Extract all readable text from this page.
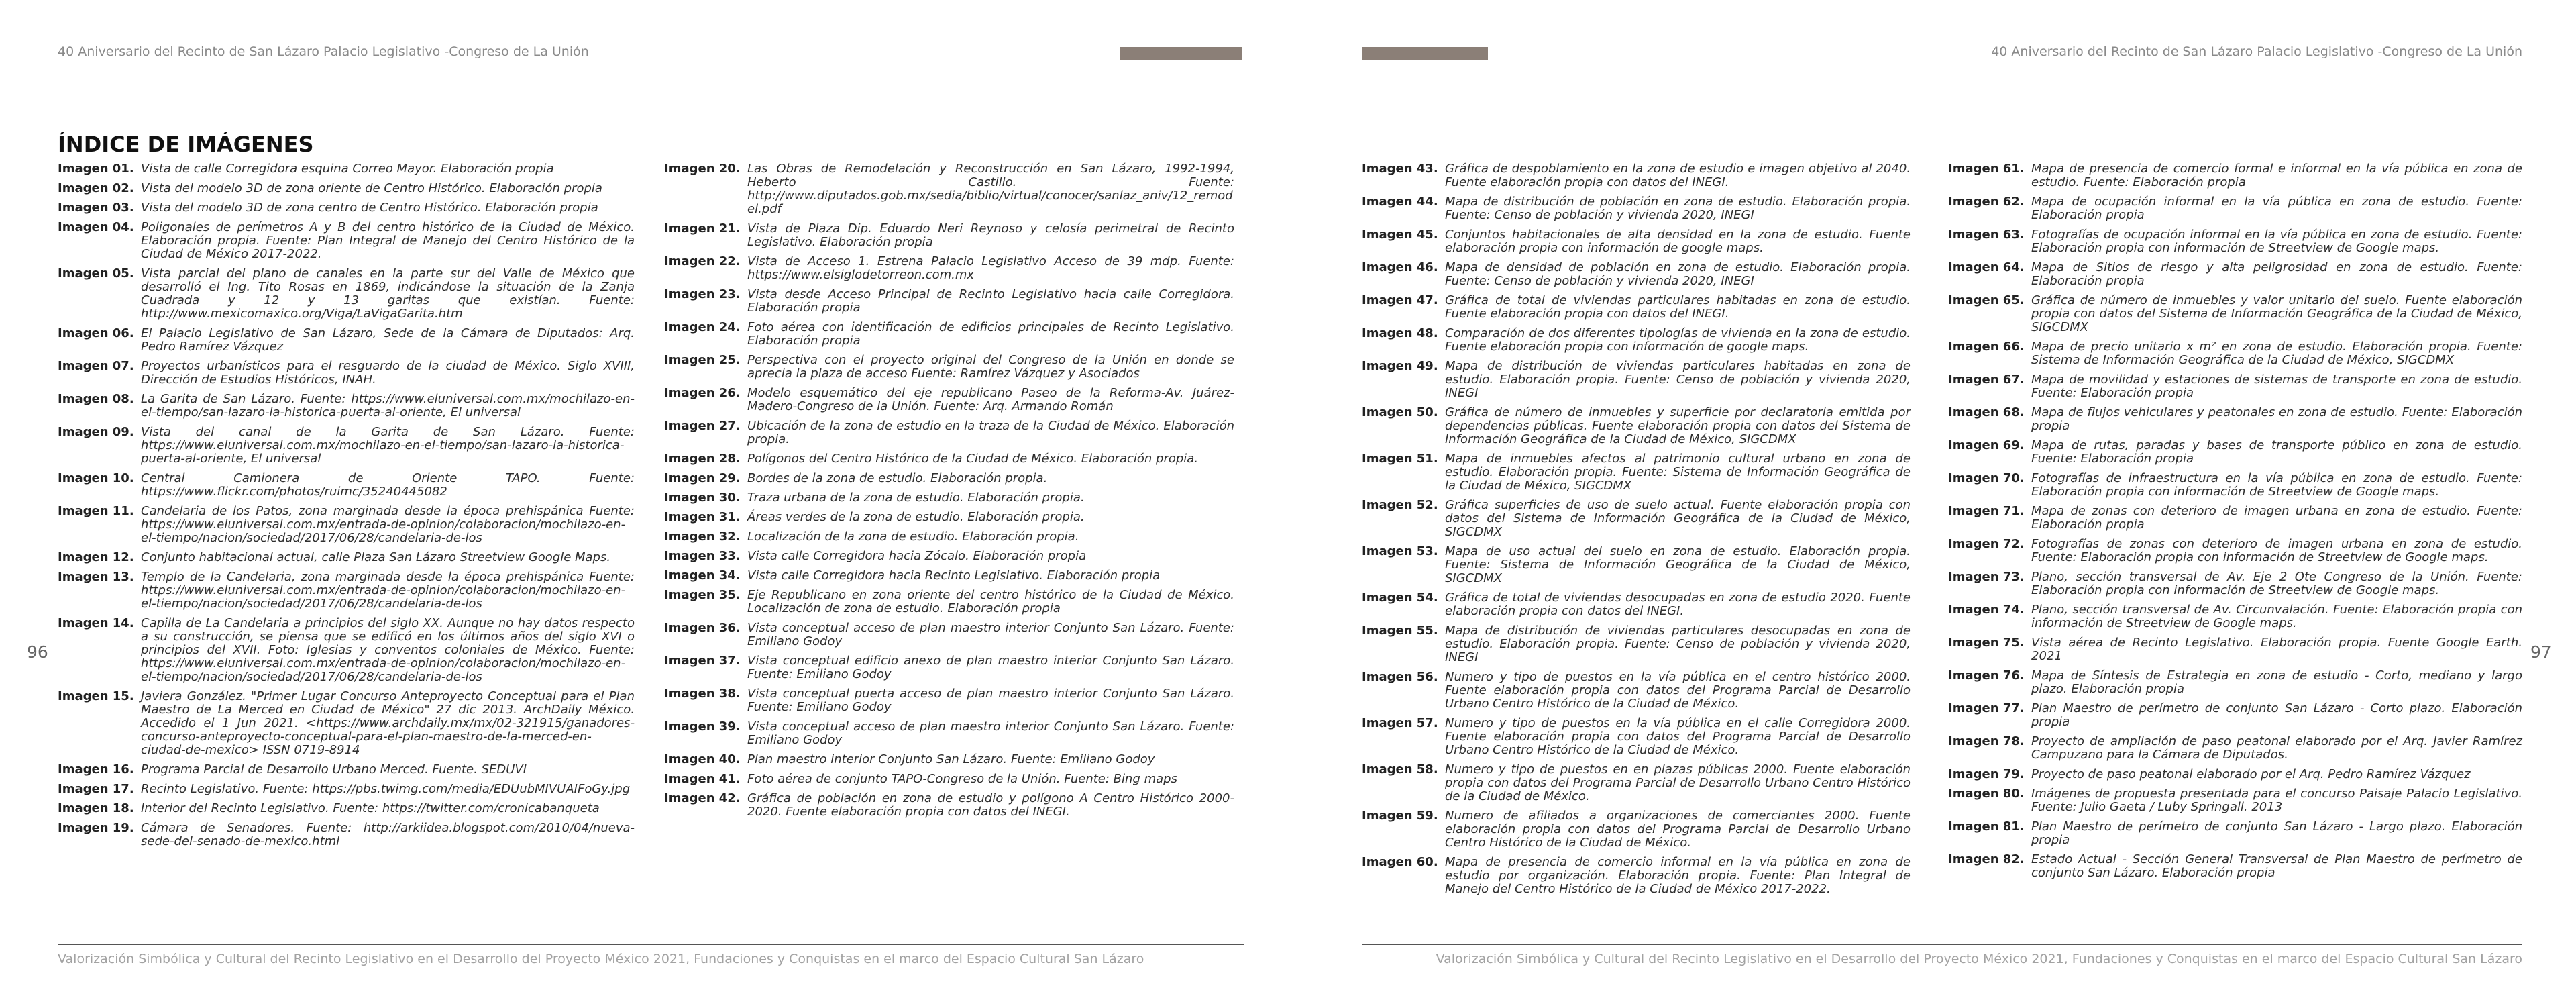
40 Aniversario del Recinto de San Lázaro Palacio Legislativo -Congreso de La Unión
ÍNDICE DE IMÁGENES
Imagen 01. Vista de calle Corregidora esquina Correo Mayor. Elaboración propia
Imagen 02. Vista del modelo 3D de zona oriente de Centro Histórico. Elaboración propia
Imagen 03. Vista del modelo 3D de zona centro de Centro Histórico. Elaboración propia
Imagen 04. Poligonales de perímetros A y B del centro histórico de la Ciudad de México. Elaboración propia. Fuente: Plan Integral de Manejo del Centro Histórico de la Ciudad de México 2017-2022.
Imagen 05. Vista parcial del plano de canales en la parte sur del Valle de México que desarrolló el Ing. Tito Rosas en 1869, indicándose la situación de la Zanja Cuadrada y 12 y 13 garitas que existían. Fuente: http://www.mexicomaxico.org/Viga/LaVigaGarita.htm
Imagen 06. El Palacio Legislativo de San Lázaro, Sede de la Cámara de Diputados: Arq. Pedro Ramírez Vázquez
Imagen 07. Proyectos urbanísticos para el resguardo de la ciudad de México. Siglo XVIII, Dirección de Estudios Históricos, INAH.
Imagen 08. La Garita de San Lázaro. Fuente: https://www.eluniversal.com.mx/mochilazo-en-el-tiempo/san-lazaro-la-historica-puerta-al-oriente, El universal
Imagen 09. Vista del canal de la Garita de San Lázaro. Fuente: https://www.eluniversal.com.mx/mochilazo-en-el-tiempo/san-lazaro-la-historica-puerta-al-oriente, El universal
Imagen 10. Central Camionera de Oriente TAPO. Fuente: https://www.flickr.com/photos/ruimc/35240445082
Imagen 11. Candelaria de los Patos, zona marginada desde la época prehispánica Fuente: https://www.eluniversal.com.mx/entrada-de-opinion/colaboracion/mochilazo-en-el-tiempo/nacion/sociedad/2017/06/28/candelaria-de-los
Imagen 12. Conjunto habitacional actual, calle Plaza San Lázaro Streetview Google Maps.
Imagen 13. Templo de la Candelaria, zona marginada desde la época prehispánica Fuente: https://www.eluniversal.com.mx/entrada-de-opinion/colaboracion/mochilazo-en-el-tiempo/nacion/sociedad/2017/06/28/candelaria-de-los
Imagen 14. Capilla de La Candelaria a principios del siglo XX. Aunque no hay datos respecto a su construcción, se piensa que se edificó en los últimos años del siglo XVI o principios del XVII. Foto: Iglesias y conventos coloniales de México. Fuente: https://www.eluniversal.com.mx/entrada-de-opinion/colaboracion/mochilazo-en-el-tiempo/nacion/sociedad/2017/06/28/candelaria-de-los
Imagen 15. Javiera González. "Primer Lugar Concurso Anteproyecto Conceptual para el Plan Maestro de La Merced en Ciudad de México" 27 dic 2013. ArchDaily México. Accedido el 1 Jun 2021. <https://www.archdaily.mx/mx/02-321915/ganadores-concurso-anteproyecto-conceptual-para-el-plan-maestro-de-la-merced-en-ciudad-de-mexico> ISSN 0719-8914
Imagen 16. Programa Parcial de Desarrollo Urbano Merced. Fuente. SEDUVI
Imagen 17. Recinto Legislativo. Fuente: https://pbs.twimg.com/media/EDUubMIVUAIFoGy.jpg
Imagen 18. Interior del Recinto Legislativo. Fuente: https://twitter.com/cronicabanqueta
Imagen 19. Cámara de Senadores. Fuente: http://arkiidea.blogspot.com/2010/04/nueva-sede-del-senado-de-mexico.html
Imagen 20. Las Obras de Remodelación y Reconstrucción en San Lázaro, 1992-1994, Heberto Castillo. Fuente: http://www.diputados.gob.mx/sedia/biblio/virtual/conocer/sanlaz_aniv/12_remodel.pdf
Imagen 21. Vista de Plaza Dip. Eduardo Neri Reynoso y celosía perimetral de Recinto Legislativo. Elaboración propia
Imagen 22. Vista de Acceso 1. Estrena Palacio Legislativo Acceso de 39 mdp. Fuente: https://www.elsiglodetorreon.com.mx
Imagen 23. Vista desde Acceso Principal de Recinto Legislativo hacia calle Corregidora. Elaboración propia
Imagen 24. Foto aérea con identificación de edificios principales de Recinto Legislativo. Elaboración propia
Imagen 25. Perspectiva con el proyecto original del Congreso de la Unión en donde se aprecia la plaza de acceso Fuente: Ramírez Vázquez y Asociados
Imagen 26. Modelo esquemático del eje republicano Paseo de la Reforma-Av. Juárez-Madero-Congreso de la Unión. Fuente: Arq. Armando Román
Imagen 27. Ubicación de la zona de estudio en la traza de la Ciudad de México. Elaboración propia.
Imagen 28. Polígonos del Centro Histórico de la Ciudad de México. Elaboración propia.
Imagen 29. Bordes de la zona de estudio. Elaboración propia.
Imagen 30. Traza urbana de la zona de estudio. Elaboración propia.
Imagen 31. Áreas verdes de la zona de estudio. Elaboración propia.
Imagen 32. Localización de la zona de estudio. Elaboración propia.
Imagen 33. Vista calle Corregidora hacia Zócalo. Elaboración propia
Imagen 34. Vista calle Corregidora hacia Recinto Legislativo. Elaboración propia
Imagen 35. Eje Republicano en zona oriente del centro histórico de la Ciudad de México. Localización de zona de estudio. Elaboración propia
Imagen 36. Vista conceptual acceso de plan maestro interior Conjunto San Lázaro. Fuente: Emiliano Godoy
Imagen 37. Vista conceptual edificio anexo de plan maestro interior Conjunto San Lázaro. Fuente: Emiliano Godoy
Imagen 38. Vista conceptual puerta acceso de plan maestro interior Conjunto San Lázaro. Fuente: Emiliano Godoy
Imagen 39. Vista conceptual acceso de plan maestro interior Conjunto San Lázaro. Fuente: Emiliano Godoy
Imagen 40. Plan maestro interior Conjunto San Lázaro. Fuente: Emiliano Godoy
Imagen 41. Foto aérea de conjunto TAPO-Congreso de la Unión. Fuente: Bing maps
Imagen 42. Gráfica de población en zona de estudio y polígono A Centro Histórico 2000-2020. Fuente elaboración propia con datos del INEGI.
96
Valorización Simbólica y Cultural del Recinto Legislativo en el Desarrollo del Proyecto México 2021, Fundaciones y Conquistas en el marco del Espacio Cultural San Lázaro
40 Aniversario del Recinto de San Lázaro Palacio Legislativo -Congreso de La Unión
Imagen 43. Gráfica de despoblamiento en la zona de estudio e imagen objetivo al 2040. Fuente elaboración propia con datos del INEGI.
Imagen 44. Mapa de distribución de población en zona de estudio. Elaboración propia. Fuente: Censo de población y vivienda 2020, INEGI
Imagen 45. Conjuntos habitacionales de alta densidad en la zona de estudio. Fuente elaboración propia con información de google maps.
Imagen 46. Mapa de densidad de población en zona de estudio. Elaboración propia. Fuente: Censo de población y vivienda 2020, INEGI
Imagen 47. Gráfica de total de viviendas particulares habitadas en zona de estudio. Fuente elaboración propia con datos del INEGI.
Imagen 48. Comparación de dos diferentes tipologías de vivienda en la zona de estudio. Fuente elaboración propia con información de google maps.
Imagen 49. Mapa de distribución de viviendas particulares habitadas en zona de estudio. Elaboración propia. Fuente: Censo de población y vivienda 2020, INEGI
Imagen 50. Gráfica de número de inmuebles y superficie por declaratoria emitida por dependencias públicas. Fuente elaboración propia con datos del Sistema de Información Geográfica de la Ciudad de México, SIGCDMX
Imagen 51. Mapa de inmuebles afectos al patrimonio cultural urbano en zona de estudio. Elaboración propia. Fuente: Sistema de Información Geográfica de la Ciudad de México, SIGCDMX
Imagen 52. Gráfica superficies de uso de suelo actual. Fuente elaboración propia con datos del Sistema de Información Geográfica de la Ciudad de México, SIGCDMX
Imagen 53. Mapa de uso actual del suelo en zona de estudio. Elaboración propia. Fuente: Sistema de Información Geográfica de la Ciudad de México, SIGCDMX
Imagen 54. Gráfica de total de viviendas desocupadas en zona de estudio 2020. Fuente elaboración propia con datos del INEGI.
Imagen 55. Mapa de distribución de viviendas particulares desocupadas en zona de estudio. Elaboración propia. Fuente: Censo de población y vivienda 2020, INEGI
Imagen 56. Numero y tipo de puestos en la vía pública en el centro histórico 2000. Fuente elaboración propia con datos del Programa Parcial de Desarrollo Urbano Centro Histórico de la Ciudad de México.
Imagen 57. Numero y tipo de puestos en la vía pública en el calle Corregidora 2000. Fuente elaboración propia con datos del Programa Parcial de Desarrollo Urbano Centro Histórico de la Ciudad de México.
Imagen 58. Numero y tipo de puestos en en plazas públicas 2000. Fuente elaboración propia con datos del Programa Parcial de Desarrollo Urbano Centro Histórico de la Ciudad de México.
Imagen 59. Numero de afiliados a organizaciones de comerciantes 2000. Fuente elaboración propia con datos del Programa Parcial de Desarrollo Urbano Centro Histórico de la Ciudad de México.
Imagen 60. Mapa de presencia de comercio informal en la vía pública en zona de estudio por organización. Elaboración propia. Fuente: Plan Integral de Manejo del Centro Histórico de la Ciudad de México 2017-2022.
Imagen 61. Mapa de presencia de comercio formal e informal en la vía pública en zona de estudio. Fuente: Elaboración propia
Imagen 62. Mapa de ocupación informal en la vía pública en zona de estudio. Fuente: Elaboración propia
Imagen 63. Fotografías de ocupación informal en la vía pública en zona de estudio. Fuente: Elaboración propia con información de Streetview de Google maps.
Imagen 64. Mapa de Sitios de riesgo y alta peligrosidad en zona de estudio. Fuente: Elaboración propia
Imagen 65. Gráfica de número de inmuebles y valor unitario del suelo. Fuente elaboración propia con datos del Sistema de Información Geográfica de la Ciudad de México, SIGCDMX
Imagen 66. Mapa de precio unitario x m² en zona de estudio. Elaboración propia. Fuente: Sistema de Información Geográfica de la Ciudad de México, SIGCDMX
Imagen 67. Mapa de movilidad y estaciones de sistemas de transporte en zona de estudio. Fuente: Elaboración propia
Imagen 68. Mapa de flujos vehiculares y peatonales en zona de estudio. Fuente: Elaboración propia
Imagen 69. Mapa de rutas, paradas y bases de transporte público en zona de estudio. Fuente: Elaboración propia
Imagen 70. Fotografías de infraestructura en la vía pública en zona de estudio. Fuente: Elaboración propia con información de Streetview de Google maps.
Imagen 71. Mapa de zonas con deterioro de imagen urbana en zona de estudio. Fuente: Elaboración propia
Imagen 72. Fotografías de zonas con deterioro de imagen urbana en zona de estudio. Fuente: Elaboración propia con información de Streetview de Google maps.
Imagen 73. Plano, sección transversal de Av. Eje 2 Ote Congreso de la Unión. Fuente: Elaboración propia con información de Streetview de Google maps.
Imagen 74. Plano, sección transversal de Av. Circunvalación. Fuente: Elaboración propia con información de Streetview de Google maps.
Imagen 75. Vista aérea de Recinto Legislativo. Elaboración propia. Fuente Google Earth. 2021
Imagen 76. Mapa de Síntesis de Estrategia en zona de estudio - Corto, mediano y largo plazo. Elaboración propia
Imagen 77. Plan Maestro de perímetro de conjunto San Lázaro - Corto plazo. Elaboración propia
Imagen 78. Proyecto de ampliación de paso peatonal elaborado por el Arq. Javier Ramírez Campuzano para la Cámara de Diputados.
Imagen 79. Proyecto de paso peatonal elaborado por el Arq. Pedro Ramírez Vázquez
Imagen 80. Imágenes de propuesta presentada para el concurso Paisaje Palacio Legislativo. Fuente: Julio Gaeta / Luby Springall. 2013
Imagen 81. Plan Maestro de perímetro de conjunto San Lázaro - Largo plazo. Elaboración propia
Imagen 82. Estado Actual - Sección General Transversal de Plan Maestro de perímetro de conjunto San Lázaro. Elaboración propia
97
Valorización Simbólica y Cultural del Recinto Legislativo en el Desarrollo del Proyecto México 2021, Fundaciones y Conquistas en el marco del Espacio Cultural San Lázaro
